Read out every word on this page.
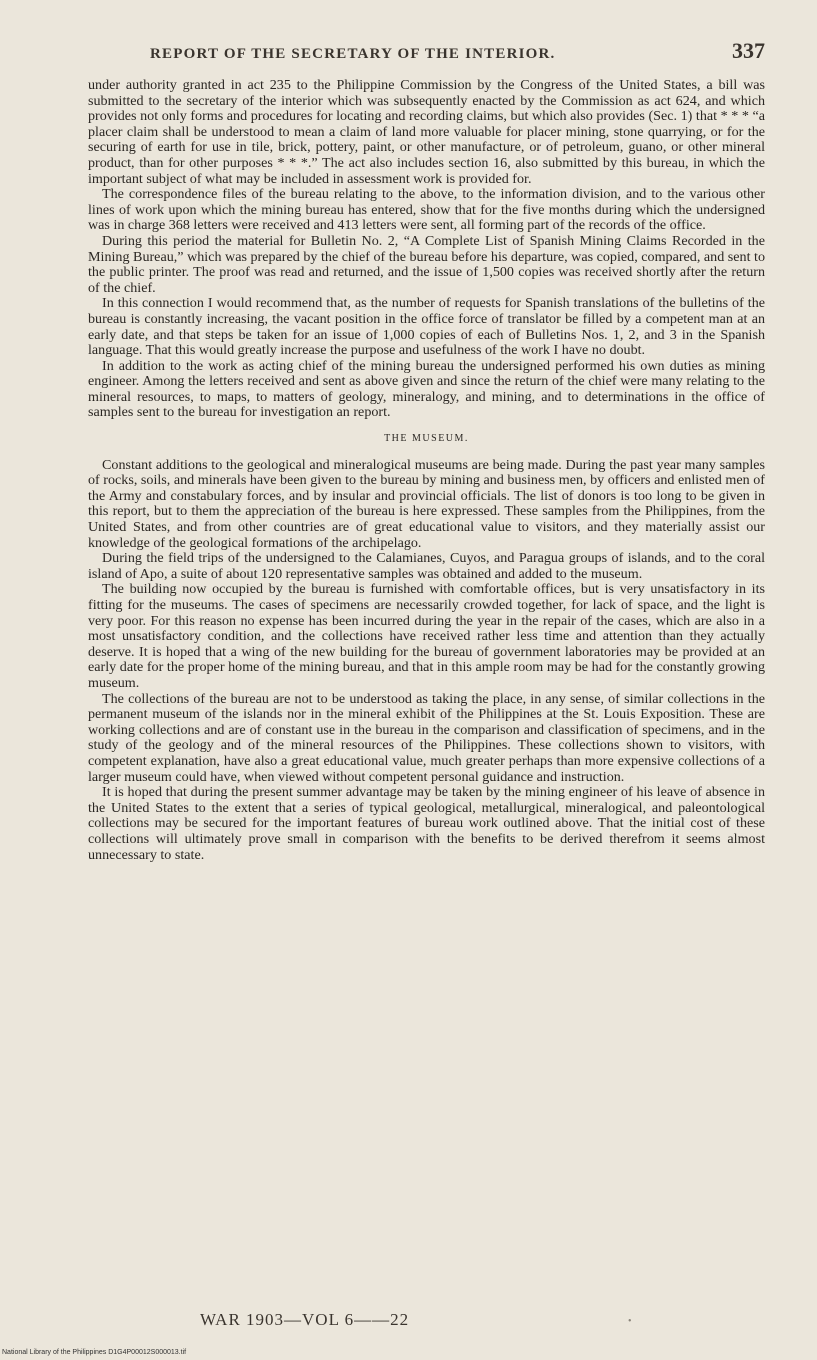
REPORT OF THE SECRETARY OF THE INTERIOR.	337

under authority granted in act 235 to the Philippine Commission by the Congress of the United States, a bill was submitted to the secretary of the interior which was subsequently enacted by the Commission as act 624, and which provides not only forms and procedures for locating and recording claims, but which also provides (Sec. 1) that * * * “a placer claim shall be understood to mean a claim of land more valuable for placer mining, stone quarrying, or for the securing of earth for use in tile, brick, pottery, paint, or other manufacture, or of petroleum, guano, or other mineral product, than for other purposes * * *.” The act also includes section 16, also submitted by this bureau, in which the important subject of what may be included in assessment work is provided for.

The correspondence files of the bureau relating to the above, to the information division, and to the various other lines of work upon which the mining bureau has entered, show that for the five months during which the undersigned was in charge 368 letters were received and 413 letters were sent, all forming part of the records of the office.

During this period the material for Bulletin No. 2, “A Complete List of Spanish Mining Claims Recorded in the Mining Bureau,” which was prepared by the chief of the bureau before his departure, was copied, compared, and sent to the public printer. The proof was read and returned, and the issue of 1,500 copies was received shortly after the return of the chief.

In this connection I would recommend that, as the number of requests for Spanish translations of the bulletins of the bureau is constantly increasing, the vacant position in the office force of translator be filled by a competent man at an early date, and that steps be taken for an issue of 1,000 copies of each of Bulletins Nos. 1, 2, and 3 in the Spanish language. That this would greatly increase the purpose and usefulness of the work I have no doubt.

In addition to the work as acting chief of the mining bureau the undersigned performed his own duties as mining engineer. Among the letters received and sent as above given and since the return of the chief were many relating to the mineral resources, to maps, to matters of geology, mineralogy, and mining, and to determinations in the office of samples sent to the bureau for investigation an report.

THE MUSEUM.

Constant additions to the geological and mineralogical museums are being made. During the past year many samples of rocks, soils, and minerals have been given to the bureau by mining and business men, by officers and enlisted men of the Army and constabulary forces, and by insular and provincial officials. The list of donors is too long to be given in this report, but to them the appreciation of the bureau is here expressed. These samples from the Philippines, from the United States, and from other countries are of great educational value to visitors, and they materially assist our knowledge of the geological formations of the archipelago.

During the field trips of the undersigned to the Calamianes, Cuyos, and Paragua groups of islands, and to the coral island of Apo, a suite of about 120 representative samples was obtained and added to the museum.

The building now occupied by the bureau is furnished with comfortable offices, but is very unsatisfactory in its fitting for the museums. The cases of specimens are necessarily crowded together, for lack of space, and the light is very poor. For this reason no expense has been incurred during the year in the repair of the cases, which are also in a most unsatisfactory condition, and the collections have received rather less time and attention than they actually deserve. It is hoped that a wing of the new building for the bureau of government laboratories may be provided at an early date for the proper home of the mining bureau, and that in this ample room may be had for the constantly growing museum.

The collections of the bureau are not to be understood as taking the place, in any sense, of similar collections in the permanent museum of the islands nor in the mineral exhibit of the Philippines at the St. Louis Exposition. These are working collections and are of constant use in the bureau in the comparison and classification of specimens, and in the study of the geology and of the mineral resources of the Philippines. These collections shown to visitors, with competent explanation, have also a great educational value, much greater perhaps than more expensive collections of a larger museum could have, when viewed without competent personal guidance and instruction.

It is hoped that during the present summer advantage may be taken by the mining engineer of his leave of absence in the United States to the extent that a series of typical geological, metallurgical, mineralogical, and paleontological collections may be secured for the important features of bureau work outlined above. That the initial cost of these collections will ultimately prove small in comparison with the benefits to be derived therefrom it seems almost unnecessary to state.

WAR 1903—VOL 6——22	•
National Library of the Philippines D1G4P00012S000013.tif
